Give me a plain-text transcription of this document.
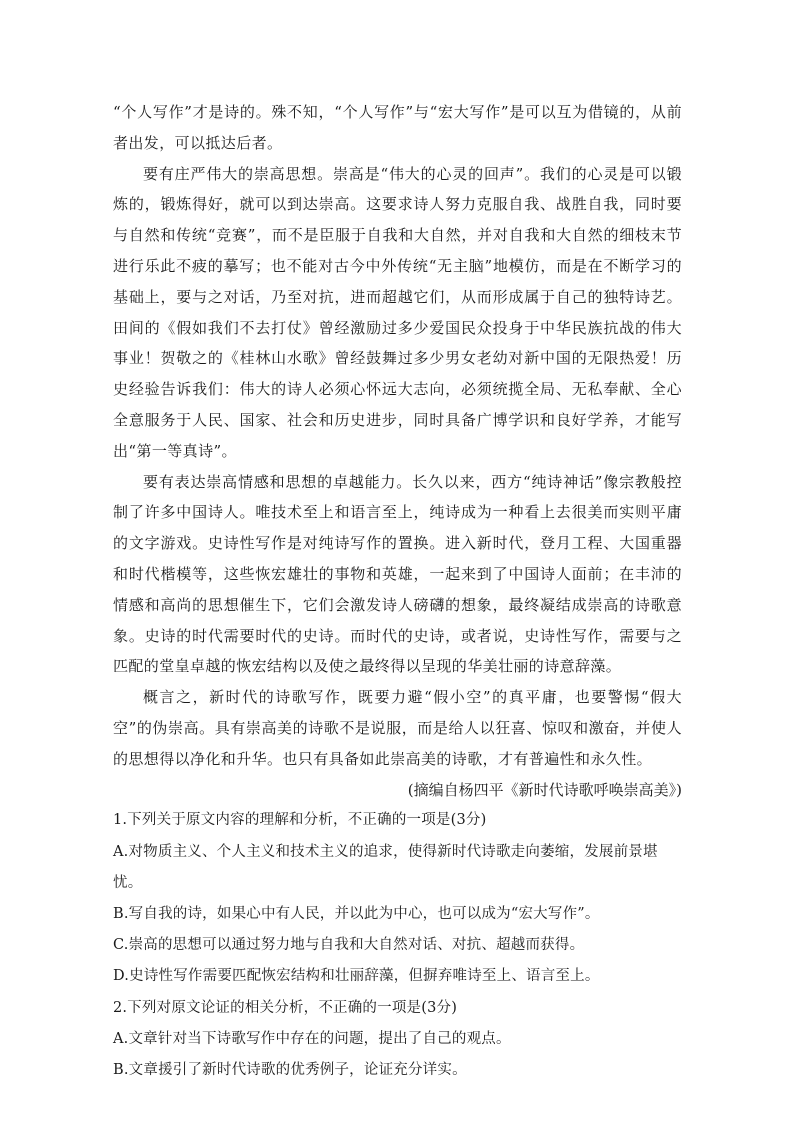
“个人写作”才是诗的。殊不知，“个人写作”与“宏大写作”是可以互为借镜的，从前者出发，可以抵达后者。

要有庄严伟大的崇高思想。崇高是“伟大的心灵的回声”。我们的心灵是可以锻炼的，锻炼得好，就可以到达崇高。这要求诗人努力克服自我、战胜自我，同时要与自然和传统“竞赛”，而不是臣服于自我和大自然，并对自我和大自然的细枝末节进行乐此不疲的摹写；也不能对古今中外传统“无主脑”地模仿，而是在不断学习的基础上，要与之对话，乃至对抗，进而超越它们，从而形成属于自己的独特诗艺。田间的《假如我们不去打仗》曾经激励过多少爱国民众投身于中华民族抗战的伟大事业！贺敬之的《桂林山水歌》曾经鼓舞过多少男女老幼对新中国的无限热爱！历史经验告诉我们：伟大的诗人必须心怀远大志向，必须统揽全局、无私奉献、全心全意服务于人民、国家、社会和历史进步，同时具备广博学识和良好学养，才能写出“第一等真诗”。

要有表达崇高情感和思想的卓越能力。长久以来，西方“纯诗神话”像宗教般控制了许多中国诗人。唯技术至上和语言至上，纯诗成为一种看上去很美而实则平庸的文字游戏。史诗性写作是对纯诗写作的置换。进入新时代，登月工程、大国重器和时代楷模等，这些恢宏雄壮的事物和英雄，一起来到了中国诗人面前；在丰沛的情感和高尚的思想催生下，它们会激发诗人磅礴的想象，最终凝结成崇高的诗歌意象。史诗的时代需要时代的史诗。而时代的史诗，或者说，史诗性写作，需要与之匹配的堂皇卓越的恢宏结构以及使之最终得以呈现的华美壮丽的诗意辞藻。

概言之，新时代的诗歌写作，既要力避“假小空”的真平庸，也要警惕“假大空”的伪崇高。具有崇高美的诗歌不是说服，而是给人以狂喜、惊叹和激奋，并使人的思想得以净化和升华。也只有具备如此崇高美的诗歌，才有普遍性和永久性。

(摘编自杨四平《新时代诗歌呼唤崇高美》)

1.下列关于原文内容的理解和分析，不正确的一项是(3分)

A.对物质主义、个人主义和技术主义的追求，使得新时代诗歌走向萎缩，发展前景堪忧。

B.写自我的诗，如果心中有人民，并以此为中心，也可以成为“宏大写作”。

C.崇高的思想可以通过努力地与自我和大自然对话、对抗、超越而获得。

D.史诗性写作需要匹配恢宏结构和壮丽辞藻，但摒弃唯诗至上、语言至上。

2.下列对原文论证的相关分析，不正确的一项是(3分)

A.文章针对当下诗歌写作中存在的问题，提出了自己的观点。

B.文章援引了新时代诗歌的优秀例子，论证充分详实。
